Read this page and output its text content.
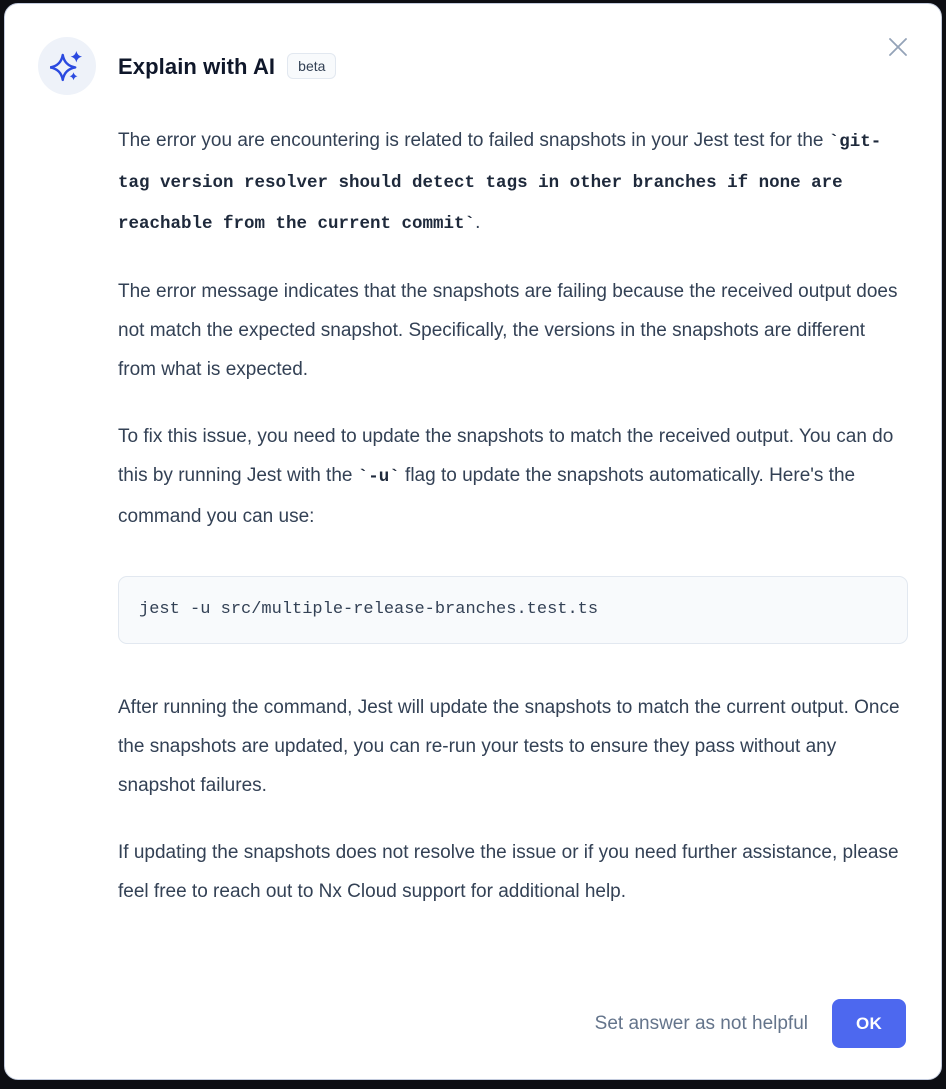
Explain with AI beta

The error you are encountering is related to failed snapshots in your Jest test for the `git-tag version resolver should detect tags in other branches if none are reachable from the current commit`.

The error message indicates that the snapshots are failing because the received output does not match the expected snapshot. Specifically, the versions in the snapshots are different from what is expected.

To fix this issue, you need to update the snapshots to match the received output. You can do this by running Jest with the `-u` flag to update the snapshots automatically. Here's the command you can use:

jest -u src/multiple-release-branches.test.ts

After running the command, Jest will update the snapshots to match the current output. Once the snapshots are updated, you can re-run your tests to ensure they pass without any snapshot failures.

If updating the snapshots does not resolve the issue or if you need further assistance, please feel free to reach out to Nx Cloud support for additional help.

Set answer as not helpful	OK
